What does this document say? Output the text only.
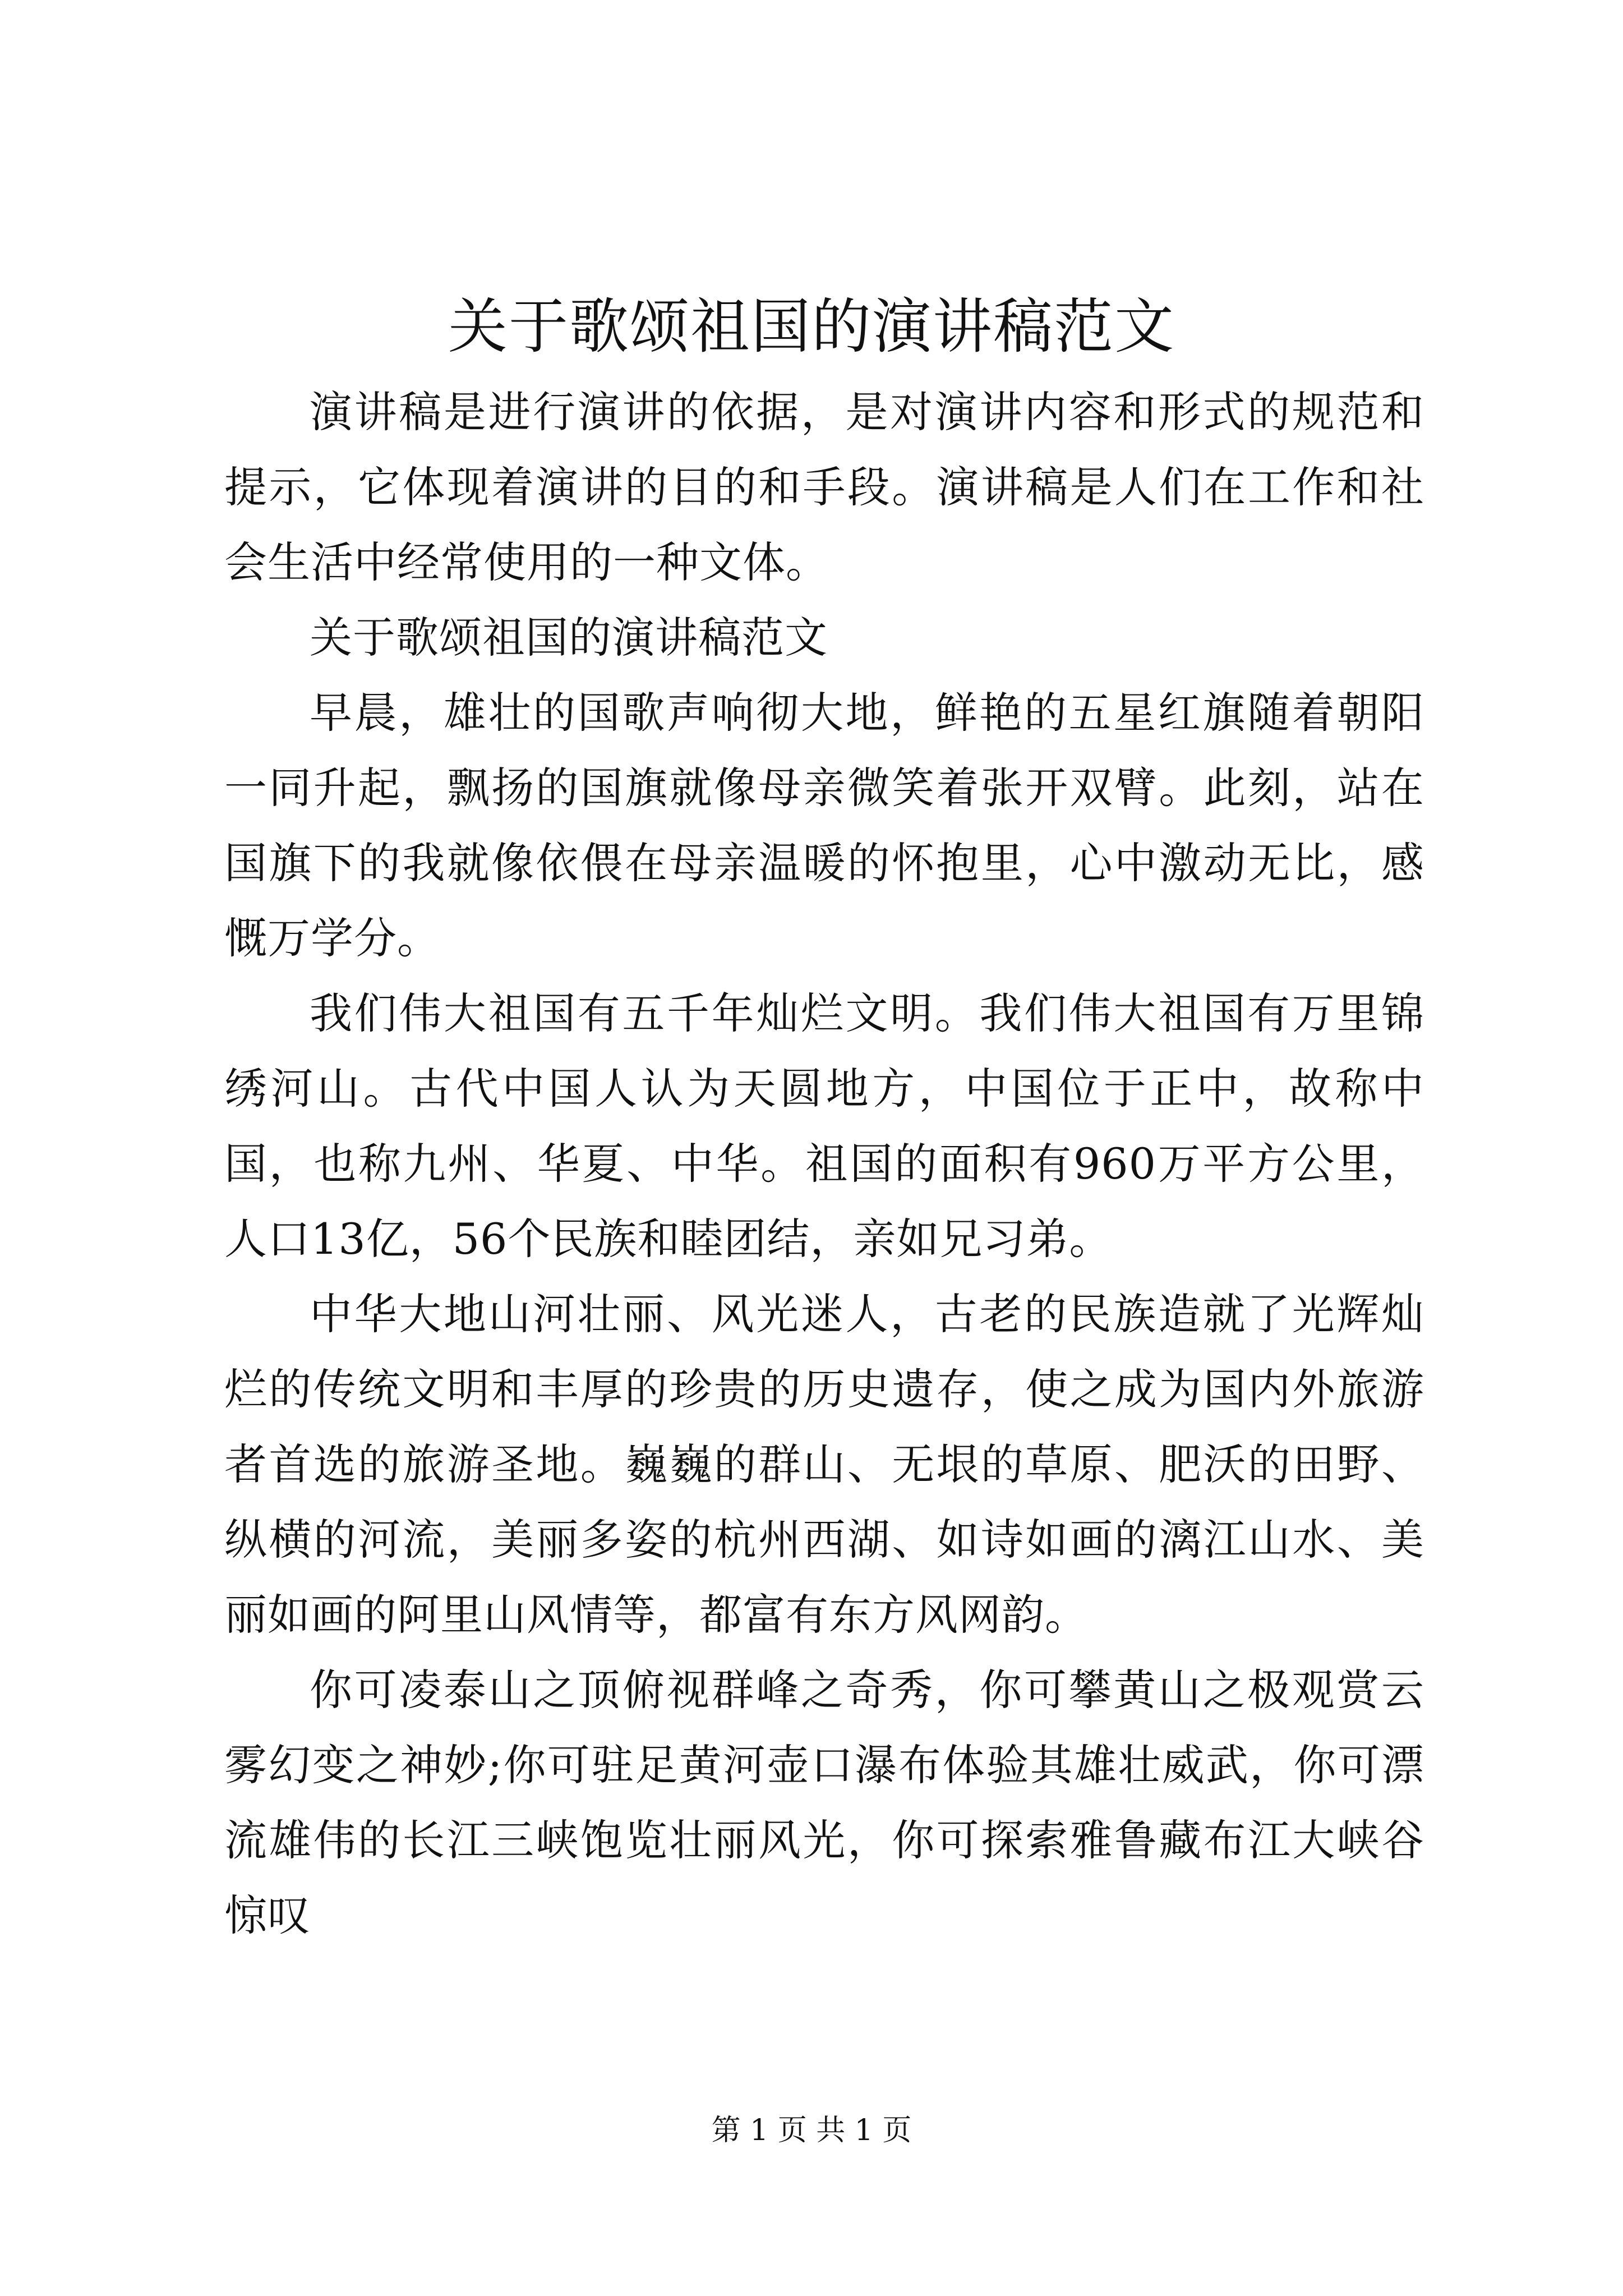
关于歌颂祖国的演讲稿范文

演讲稿是进行演讲的依据，是对演讲内容和形式的规范和提示，它体现着演讲的目的和手段。演讲稿是人们在工作和社会生活中经常使用的一种文体。

关于歌颂祖国的演讲稿范文

早晨，雄壮的国歌声响彻大地，鲜艳的五星红旗随着朝阳一同升起，飘扬的国旗就像母亲微笑着张开双臂。此刻，站在国旗下的我就像依偎在母亲温暖的怀抱里，心中激动无比，感慨万学分。

我们伟大祖国有五千年灿烂文明。我们伟大祖国有万里锦绣河山。古代中国人认为天圆地方，中国位于正中，故称中国，也称九州、华夏、中华。祖国的面积有960万平方公里，人口13亿，56个民族和睦团结，亲如兄习弟。

中华大地山河壮丽、风光迷人，古老的民族造就了光辉灿烂的传统文明和丰厚的珍贵的历史遗存，使之成为国内外旅游者首选的旅游圣地。巍巍的群山、无垠的草原、肥沃的田野、纵横的河流，美丽多姿的杭州西湖、如诗如画的漓江山水、美丽如画的阿里山风情等，都富有东方风网韵。

你可凌泰山之顶俯视群峰之奇秀，你可攀黄山之极观赏云雾幻变之神妙;你可驻足黄河壶口瀑布体验其雄壮威武，你可漂流雄伟的长江三峡饱览壮丽风光，你可探索雅鲁藏布江大峡谷惊叹

第 1 页 共 1 页
